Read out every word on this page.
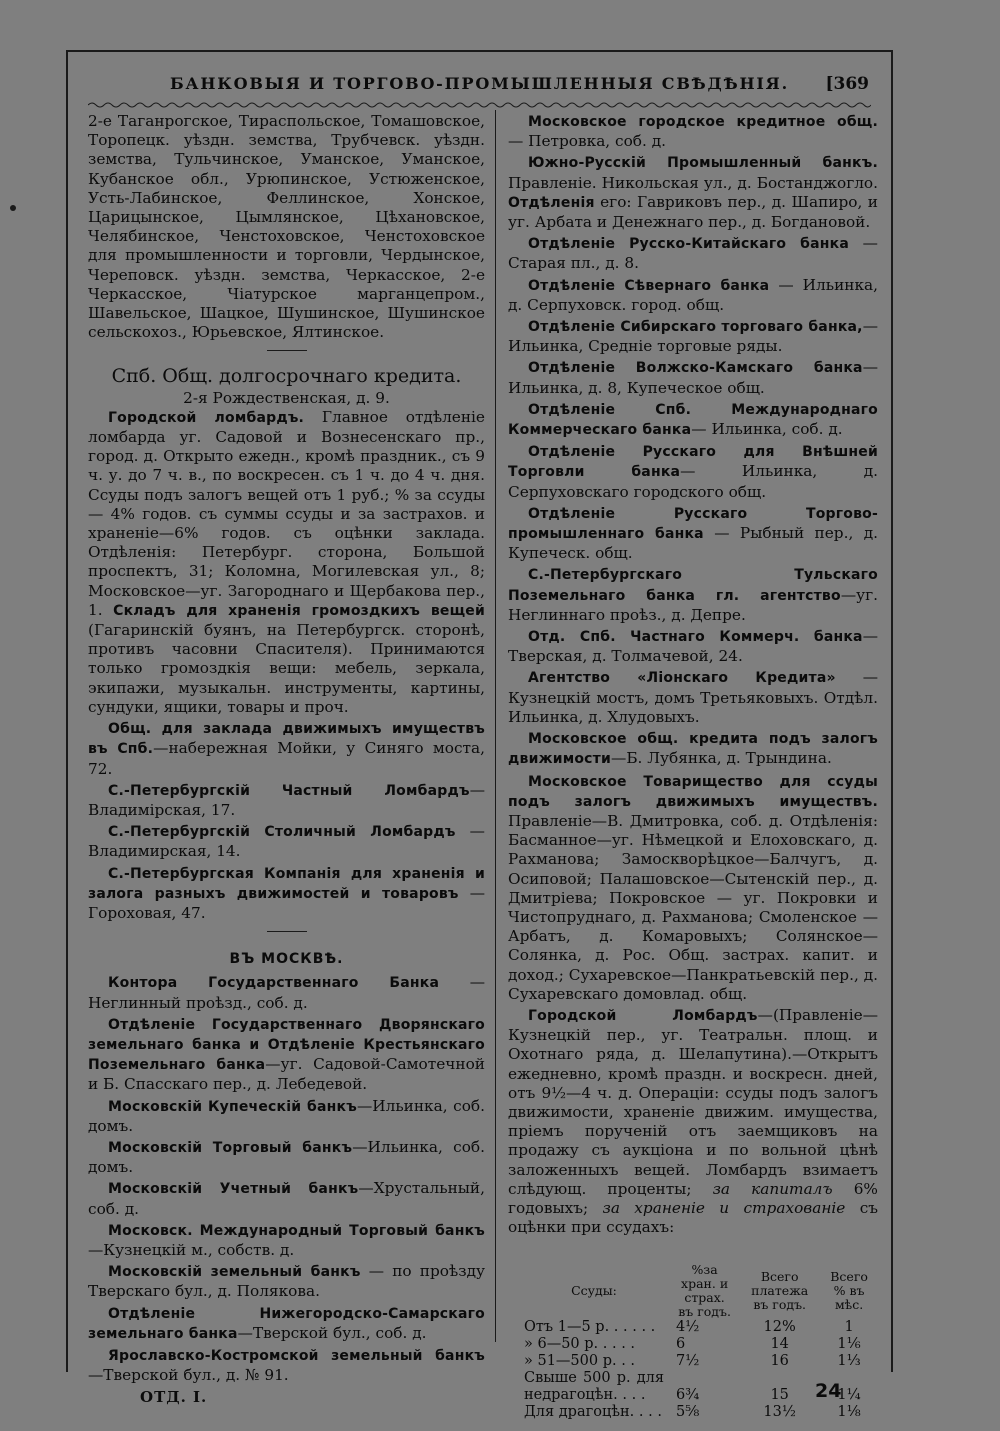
БАНКОВЫЯ И ТОРГОВО-ПРОМЫШЛЕННЫЯ СВѢДѢНІЯ. [369

2-е Таганрогское, Тираспольское, Томашовское, Торопецк. уѣздн. земства, Трубчевск. уѣздн. земства, Тульчинское, Уманское, Уманское, Кубанское обл., Урюпинское, Устюженское, Усть-Лабинское, Феллинское, Хонское, Царицынское, Цымлянское, Цѣхановское, Челябинское, Ченстоховское, Ченстоховское для промышленности и торговли, Чердынское, Череповск. уѣздн. земства, Черкасское, 2-е Черкасское, Чiатурское марганцепром., Шавельское, Шацкое, Шушинское, Шушинское сельскохоз., Юрьевское, Ялтинское.

Спб. Общ. долгосрочнаго кредита.

2-я Рождественская, д. 9.

Городской ломбардъ. Главное отдѣленіе ломбарда уг. Садовой и Вознесенскаго пр., город. д. Открыто ежедн., кромѣ праздник., съ 9 ч. у. до 7 ч. в., по воскресен. съ 1 ч. до 4 ч. дня. Ссуды подъ залогъ вещей отъ 1 руб.; % за ссуды — 4% годов. съ суммы ссуды и за застрахов. и храненіе—6% годов. съ оцѣнки заклада. Отдѣленія: Петербург. сторона, Большой проспектъ, 31; Коломна, Могилевская ул., 8; Московское—уг. Загороднаго и Щербакова пер., 1. Складъ для храненія громоздкихъ вещей (Гагаринскій буянъ, на Петербургск. сторонѣ, противъ часовни Спасителя). Принимаются только громоздкія вещи: мебель, зеркала, экипажи, музыкальн. инструменты, картины, сундуки, ящики, товары и проч.

Общ. для заклада движимыхъ имуществъ въ Спб.—набережная Мойки, у Синяго моста, 72.

С.-Петербургскій Частный Ломбардъ—Владимірская, 17.

С.-Петербургскій Столичный Ломбардъ — Владимирская, 14.

С.-Петербургская Компанія для храненія и залога разныхъ движимостей и товаровъ — Гороховая, 47.

ВЪ МОСКВѢ.

Контора Государственнаго Банка — Неглинный проѣзд., соб. д.

Отдѣленіе Государственнаго Дворянскаго земельнаго банка и Отдѣленіе Крестьянскаго Поземельнаго банка—уг. Садовой-Самотечной и Б. Спасскаго пер., д. Лебедевой.

Московскій Купеческій банкъ—Ильинка, соб. домъ.

Московскій Торговый банкъ—Ильинка, соб. домъ.

Московскій Учетный банкъ—Хрустальный, соб. д.

Московск. Международный Торговый банкъ—Кузнецкій м., собств. д.

Московскій земельный банкъ — по проѣзду Тверскаго бул., д. Полякова.

Отдѣленіе Нижегородско-Самарскаго земельнаго банка—Тверской бул., соб. д.

Ярославско-Костромской земельный банкъ—Тверской бул., д. № 91.

Московское городское кредитное общ. — Петровка, соб. д.

Южно-Русскій Промышленный банкъ. Правленіе. Никольская ул., д. Бостанджогло. Отдѣленія его: Гавриковъ пер., д. Шапиро, и уг. Арбата и Денежнаго пер., д. Богдановой.

Отдѣленіе Русско-Китайскаго банка — Старая пл., д. 8.

Отдѣленіе Сѣвернаго банка — Ильинка, д. Серпуховск. город. общ.

Отдѣленіе Сибирскаго торговаго банка,— Ильинка, Средніе торговые ряды.

Отдѣленіе Волжско-Камскаго банка—Ильинка, д. 8, Купеческое общ.

Отдѣленіе Спб. Международнаго Коммерческаго банка— Ильинка, соб. д.

Отдѣленіе Русскаго для Внѣшней Торговли банка— Ильинка, д. Серпуховскаго городского общ.

Отдѣленіе Русскаго Торгово-промышленнаго банка — Рыбный пер., д. Купеческ. общ.

С.-Петербургскаго Тульскаго Поземельнаго банка гл. агентство—уг. Неглиннаго проѣз., д. Депре.

Отд. Спб. Частнаго Коммерч. банка—Тверская, д. Толмачевой, 24.

Агентство «Ліонскаго Кредита» — Кузнецкій мостъ, домъ Третьяковыхъ. Отдѣл. Ильинка, д. Хлудовыхъ.

Московское общ. кредита подъ залогъ движимости—Б. Лубянка, д. Трындина.

Московское Товарищество для ссуды подъ залогъ движимыхъ имуществъ. Правленіе—В. Дмитровка, соб. д. Отдѣленія: Басманное—уг. Нѣмецкой и Елоховскаго, д. Рахманова; Замоскворѣцкое—Балчугъ, д. Осиповой; Палашовское—Сытенскій пер., д. Дмитріева; Покровское — уг. Покровки и Чистопруднаго, д. Рахманова; Смоленское — Арбатъ, д. Комаровыхъ; Солянское—Солянка, д. Рос. Общ. застрах. капит. и доход.; Сухаревское—Панкратьевскій пер., д. Сухаревскаго домовлад. общ.

Городской Ломбардъ—(Правленіе—Кузнецкій пер., уг. Театральн. площ. и Охотнаго ряда, д. Шелапутина).—Открытъ ежедневно, кромѣ праздн. и воскресн. дней, отъ 9½—4 ч. д. Операціи: ссуды подъ залогъ движимости, храненіе движим. имущества, пріемъ порученій отъ заемщиковъ на продажу съ аукціона и по вольной цѣнѣ заложенныхъ вещей. Ломбардъ взимаетъ слѣдующ. проценты; за капиталъ 6% годовыхъ; за храненіе и страхованіе съ оцѣнки при ссудахъ:

Ссуды:	%за хран. и страх. въ годъ.	Всего платежа въ годъ.	Всего % въ мѣс.
Отъ 1—5 р. . . . . .	4½	12%	1
» 6—50 р. . . . .	6	14	1⅙
» 51—500 р. . .	7½	16	1⅓
Свыше 500 р. для недрагоцѣн. . . .	6¾	15	1¼
Для драгоцѣн. . . .	5⅝	13½	1⅛
ОТД. I.	24
